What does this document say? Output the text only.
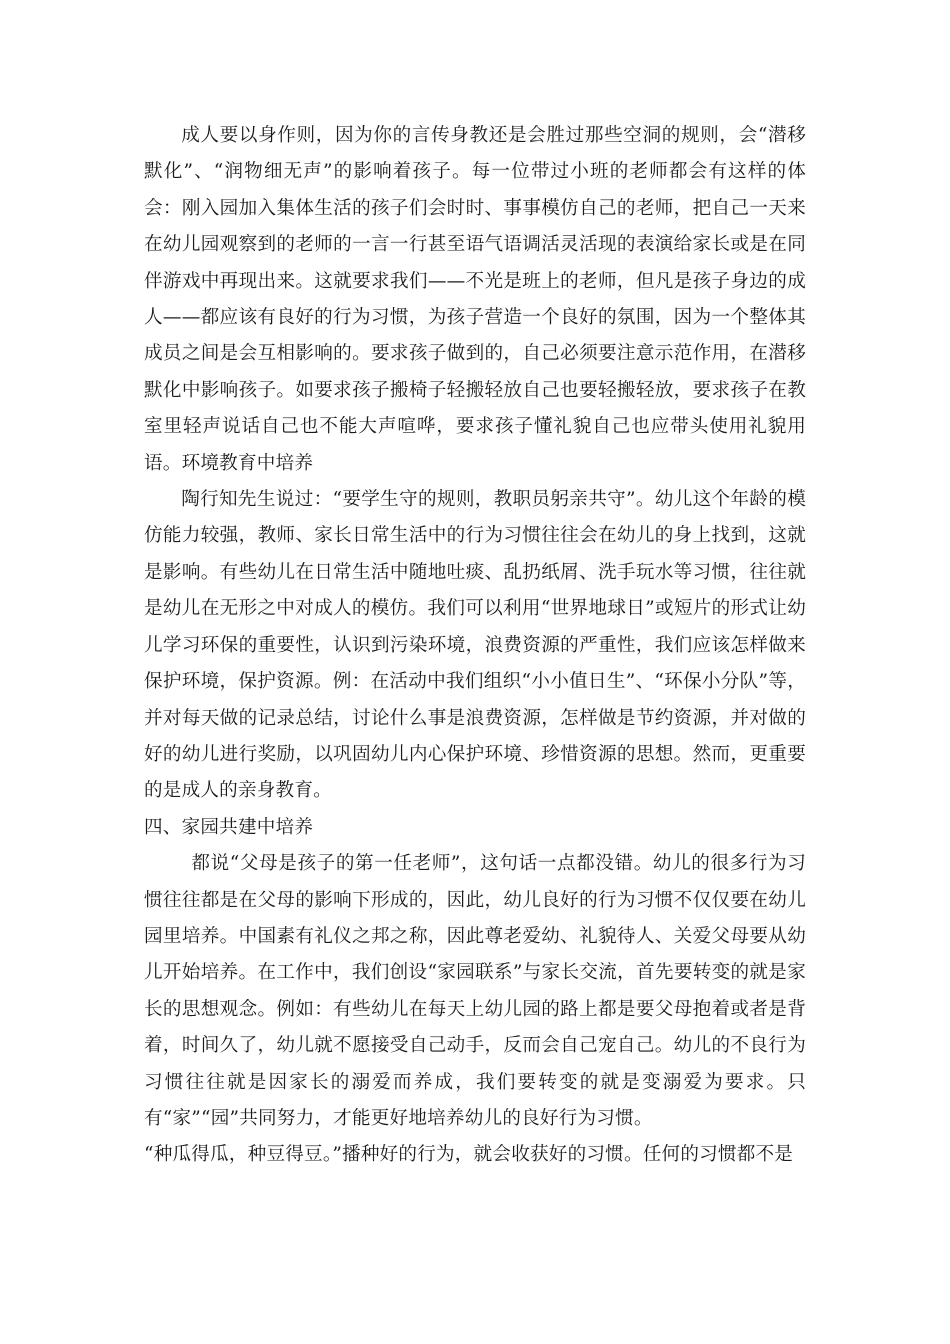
成人要以身作则，因为你的言传身教还是会胜过那些空洞的规则，会“潜移默化”、“润物细无声”的影响着孩子。每一位带过小班的老师都会有这样的体会：刚入园加入集体生活的孩子们会时时、事事模仿自己的老师，把自己一天来在幼儿园观察到的老师的一言一行甚至语气语调活灵活现的表演给家长或是在同伴游戏中再现出来。这就要求我们——不光是班上的老师，但凡是孩子身边的成人——都应该有良好的行为习惯，为孩子营造一个良好的氛围，因为一个整体其成员之间是会互相影响的。要求孩子做到的，自己必须要注意示范作用，在潜移默化中影响孩子。如要求孩子搬椅子轻搬轻放自己也要轻搬轻放，要求孩子在教室里轻声说话自己也不能大声喧哗，要求孩子懂礼貌自己也应带头使用礼貌用语。环境教育中培养

陶行知先生说过：“要学生守的规则，教职员躬亲共守”。幼儿这个年龄的模仿能力较强，教师、家长日常生活中的行为习惯往往会在幼儿的身上找到，这就是影响。有些幼儿在日常生活中随地吐痰、乱扔纸屑、洗手玩水等习惯，往往就是幼儿在无形之中对成人的模仿。我们可以利用“世界地球日”或短片的形式让幼儿学习环保的重要性，认识到污染环境，浪费资源的严重性，我们应该怎样做来保护环境，保护资源。例：在活动中我们组织“小小值日生”、“环保小分队”等，并对每天做的记录总结，讨论什么事是浪费资源，怎样做是节约资源，并对做的好的幼儿进行奖励，以巩固幼儿内心保护环境、珍惜资源的思想。然而，更重要的是成人的亲身教育。

四、家园共建中培养

都说“父母是孩子的第一任老师”，这句话一点都没错。幼儿的很多行为习惯往往都是在父母的影响下形成的，因此，幼儿良好的行为习惯不仅仅要在幼儿园里培养。中国素有礼仪之邦之称，因此尊老爱幼、礼貌待人、关爱父母要从幼儿开始培养。在工作中，我们创设“家园联系”与家长交流，首先要转变的就是家长的思想观念。例如：有些幼儿在每天上幼儿园的路上都是要父母抱着或者是背着，时间久了，幼儿就不愿接受自己动手，反而会自己宠自己。幼儿的不良行为习惯往往就是因家长的溺爱而养成，我们要转变的就是变溺爱为要求。只有“家”“园”共同努力，才能更好地培养幼儿的良好行为习惯。

“种瓜得瓜，种豆得豆。”播种好的行为，就会收获好的习惯。任何的习惯都不是
